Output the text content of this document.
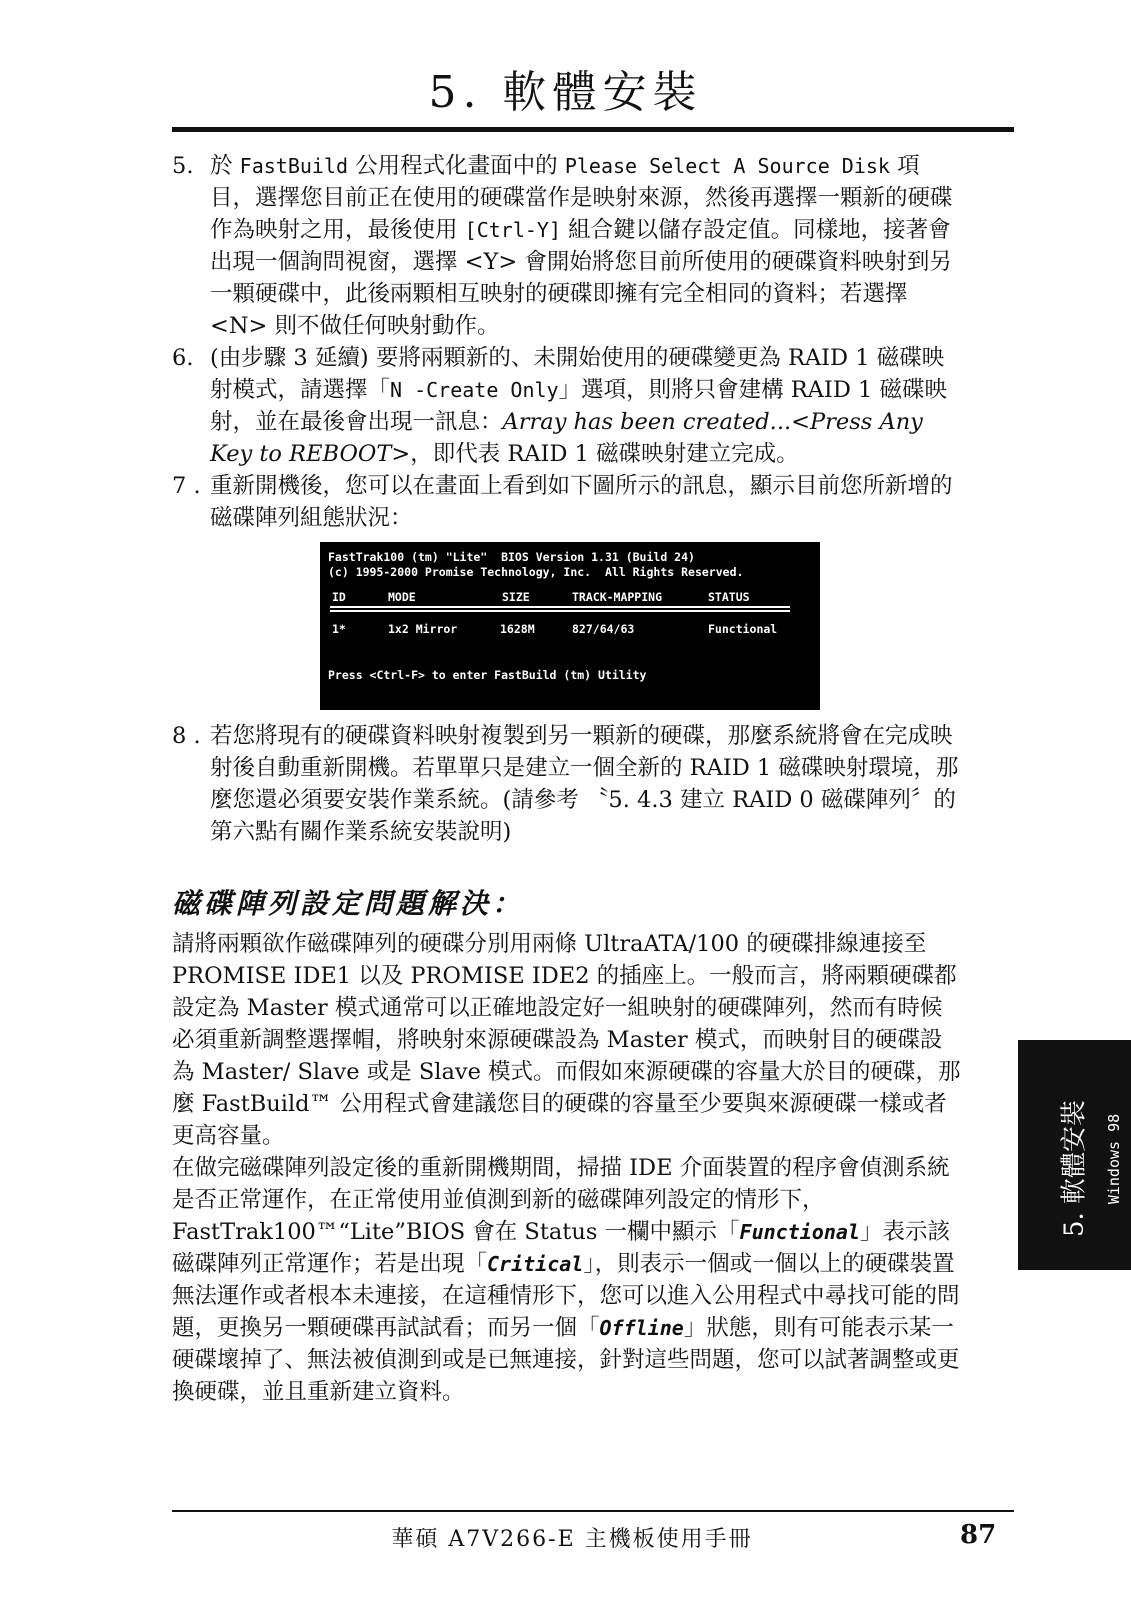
5. 軟體安裝

5. 於 FastBuild 公用程式化畫面中的 Please Select A Source Disk 項目，選擇您目前正在使用的硬碟當作是映射來源，然後再選擇一顆新的硬碟作為映射之用，最後使用 [Ctrl-Y] 組合鍵以儲存設定值。同樣地，接著會出現一個詢問視窗，選擇 <Y> 會開始將您目前所使用的硬碟資料映射到另一顆硬碟中，此後兩顆相互映射的硬碟即擁有完全相同的資料；若選擇 <N> 則不做任何映射動作。

6. (由步驟 3 延續) 要將兩顆新的、未開始使用的硬碟變更為 RAID 1 磁碟映射模式，請選擇「N -Create Only」選項，則將只會建構 RAID 1 磁碟映射，並在最後會出現一訊息：Array has been created...<Press Any Key to REBOOT>，即代表 RAID 1 磁碟映射建立完成。

7 . 重新開機後，您可以在畫面上看到如下圖所示的訊息，顯示目前您所新增的磁碟陣列組態狀況：

FastTrak100 (tm) "Lite"  BIOS Version 1.31 (Build 24)
(c) 1995-2000 Promise Technology, Inc.  All Rights Reserved.
ID	MODE	SIZE	TRACK-MAPPING	STATUS
1*	1x2 Mirror	1628M	827/64/63	Functional
Press <Ctrl-F> to enter FastBuild (tm) Utility

8 . 若您將現有的硬碟資料映射複製到另一顆新的硬碟，那麼系統將會在完成映射後自動重新開機。若單單只是建立一個全新的 RAID 1 磁碟映射環境，那麼您還必須要安裝作業系統。(請參考 〝5. 4.3 建立 RAID 0 磁碟陣列〞的第六點有關作業系統安裝說明)

磁碟陣列設定問題解決：

請將兩顆欲作磁碟陣列的硬碟分別用兩條 UltraATA/100 的硬碟排線連接至 PROMISE IDE1 以及 PROMISE IDE2 的插座上。一般而言，將兩顆硬碟都設定為 Master 模式通常可以正確地設定好一組映射的硬碟陣列，然而有時候必須重新調整選擇帽，將映射來源硬碟設為 Master 模式，而映射目的硬碟設為 Master/ Slave 或是 Slave 模式。而假如來源硬碟的容量大於目的硬碟，那麼 FastBuild™ 公用程式會建議您目的硬碟的容量至少要與來源硬碟一樣或者更高容量。

在做完磁碟陣列設定後的重新開機期間，掃描 IDE 介面裝置的程序會偵測系統是否正常運作，在正常使用並偵測到新的磁碟陣列設定的情形下，FastTrak100™“Lite”BIOS 會在 Status 一欄中顯示「Functional」表示該磁碟陣列正常運作；若是出現「Critical」，則表示一個或一個以上的硬碟裝置無法運作或者根本未連接，在這種情形下，您可以進入公用程式中尋找可能的問題，更換另一顆硬碟再試試看；而另一個「Offline」狀態，則有可能表示某一硬碟壞掉了、無法被偵測到或是已無連接，針對這些問題，您可以試著調整或更換硬碟，並且重新建立資料。

5. 軟體安裝 Windows 98
華碩 A7V266-E 主機板使用手冊	87
